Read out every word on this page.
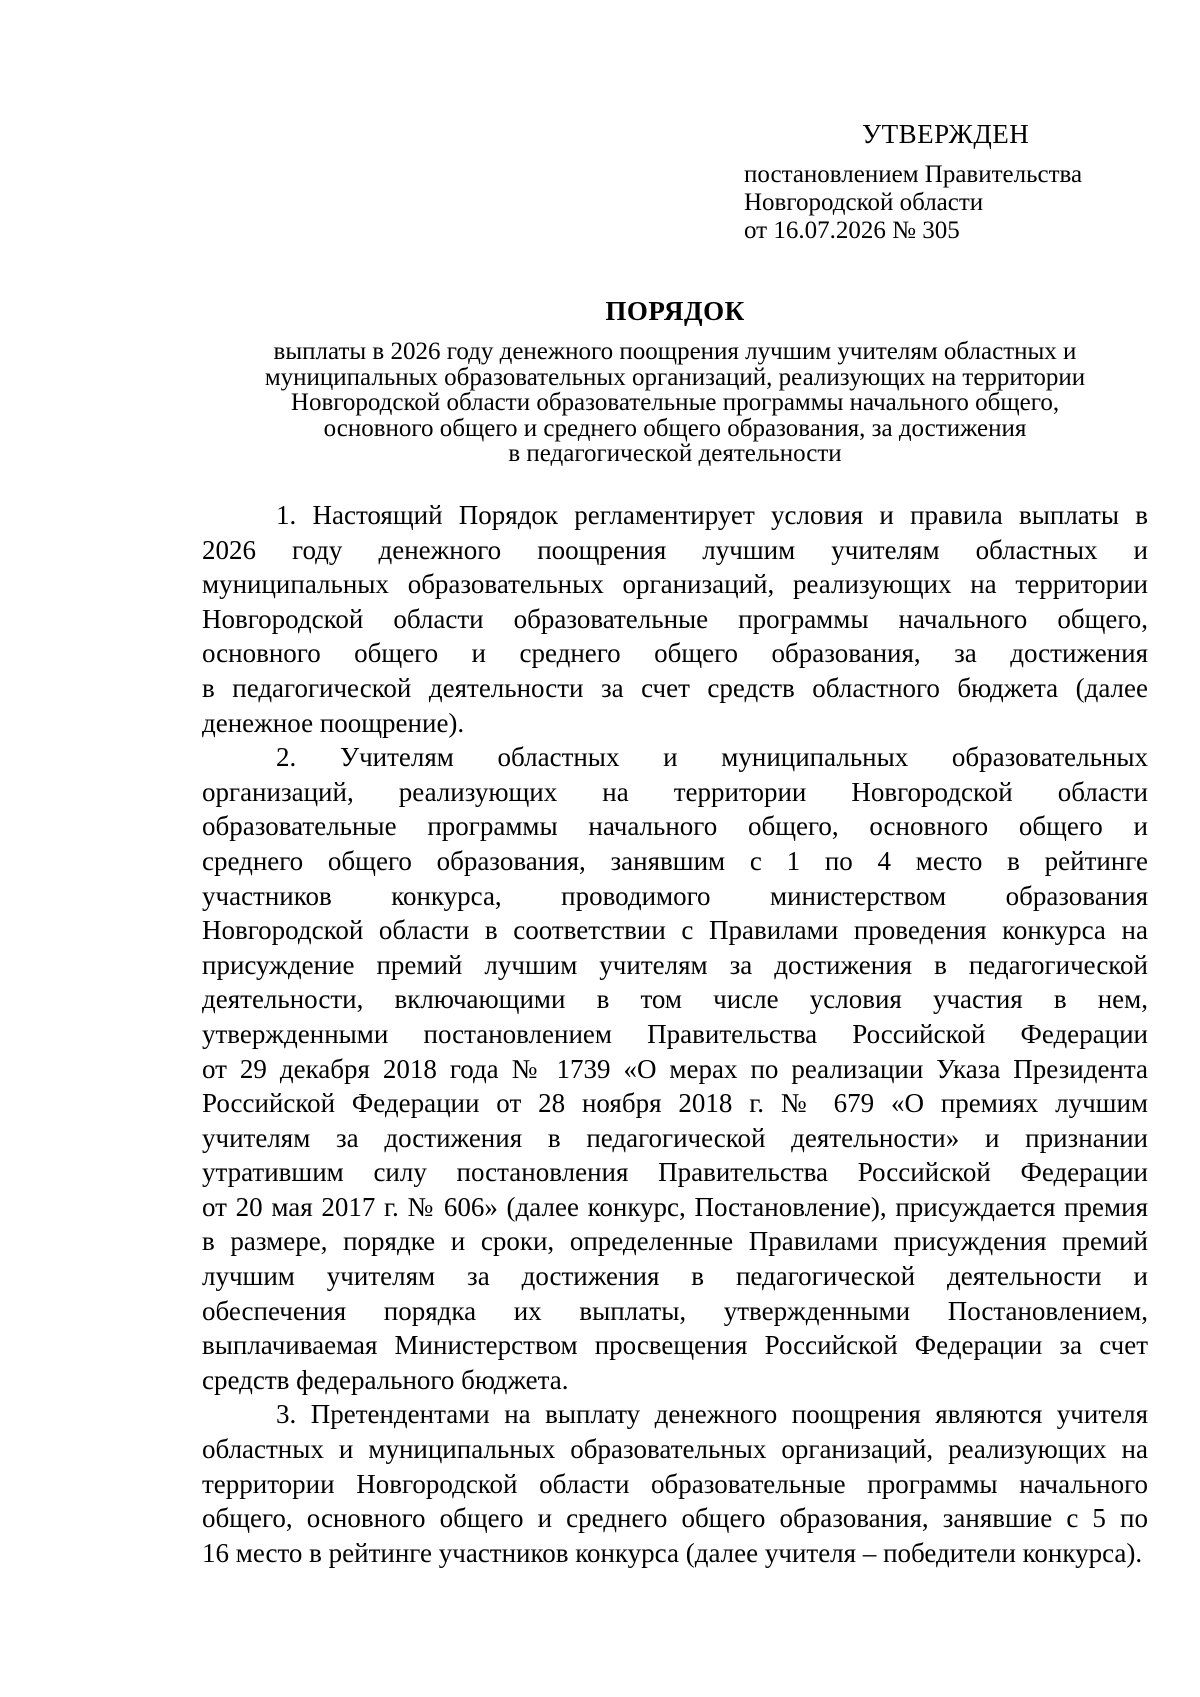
УТВЕРЖДЕН
постановлением Правительства
Новгородской области
от 16.07.2026 № 305
ПОРЯДОК
выплаты в 2026 году денежного поощрения лучшим учителям областных и
муниципальных образовательных организаций, реализующих на территории
Новгородской области образовательные программы начального общего,
основного общего и среднего общего образования, за достижения
в педагогической деятельности
1. Настоящий Порядок регламентирует условия и правила выплаты в
2026 году денежного поощрения лучшим учителям областных и
муниципальных образовательных организаций, реализующих на территории
Новгородской области образовательные программы начального общего,
основного общего и среднего общего образования, за достижения
в педагогической деятельности за счет средств областного бюджета (далее
денежное поощрение).
2. Учителям областных и муниципальных образовательных
организаций, реализующих на территории Новгородской области
образовательные программы начального общего, основного общего и
среднего общего образования, занявшим с 1 по 4 место в рейтинге
участников конкурса, проводимого министерством образования
Новгородской области в соответствии с Правилами проведения конкурса на
присуждение премий лучшим учителям за достижения в педагогической
деятельности, включающими в том числе условия участия в нем,
утвержденными постановлением Правительства Российской Федерации
от 29 декабря 2018 года № 1739 «О мерах по реализации Указа Президента
Российской Федерации от 28 ноября 2018 г. № 679 «О премиях лучшим
учителям за достижения в педагогической деятельности» и признании
утратившим силу постановления Правительства Российской Федерации
от 20 мая 2017 г. № 606» (далее конкурс, Постановление), присуждается премия
в размере, порядке и сроки, определенные Правилами присуждения премий
лучшим учителям за достижения в педагогической деятельности и
обеспечения порядка их выплаты, утвержденными Постановлением,
выплачиваемая Министерством просвещения Российской Федерации за счет
средств федерального бюджета.
3. Претендентами на выплату денежного поощрения являются учителя
областных и муниципальных образовательных организаций, реализующих на
территории Новгородской области образовательные программы начального
общего, основного общего и среднего общего образования, занявшие с 5 по
16 место в рейтинге участников конкурса (далее учителя – победители конкурса).
